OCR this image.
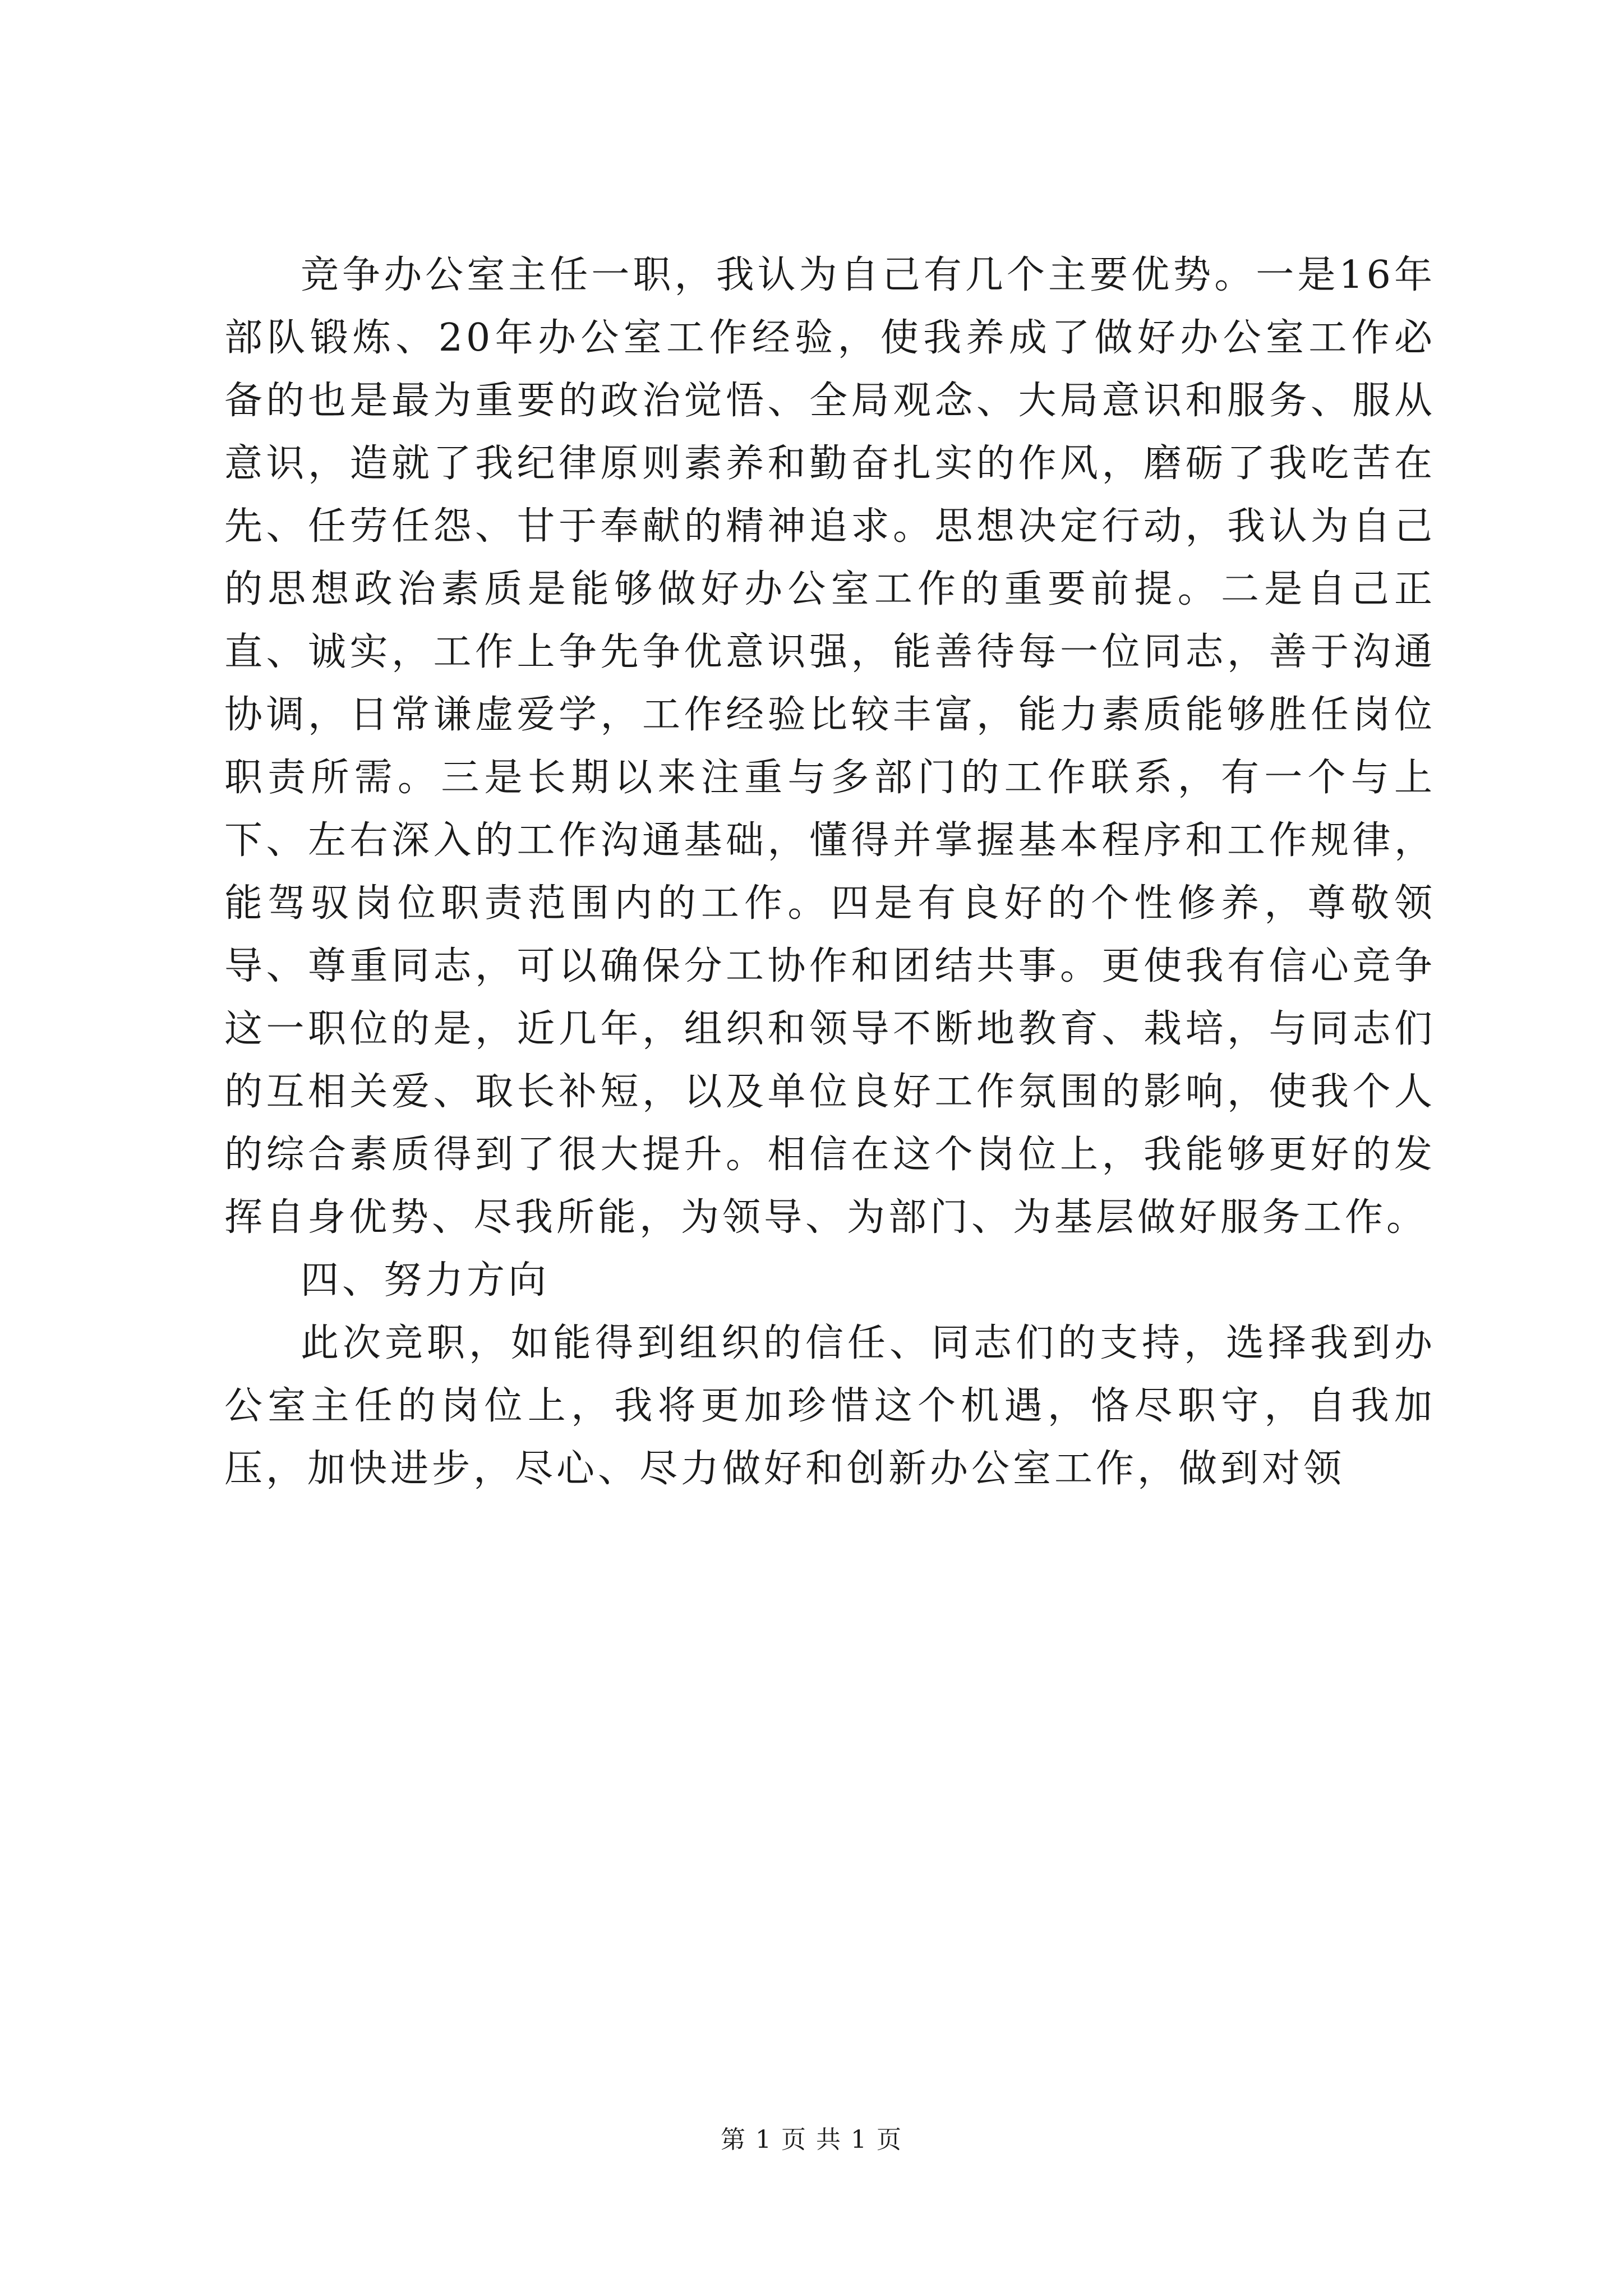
竞争办公室主任一职，我认为自己有几个主要优势。一是16年部队锻炼、20年办公室工作经验，使我养成了做好办公室工作必备的也是最为重要的政治觉悟、全局观念、大局意识和服务、服从意识，造就了我纪律原则素养和勤奋扎实的作风，磨砺了我吃苦在先、任劳任怨、甘于奉献的精神追求。思想决定行动，我认为自己的思想政治素质是能够做好办公室工作的重要前提。二是自己正直、诚实，工作上争先争优意识强，能善待每一位同志，善于沟通协调，日常谦虚爱学，工作经验比较丰富，能力素质能够胜任岗位职责所需。三是长期以来注重与多部门的工作联系，有一个与上下、左右深入的工作沟通基础，懂得并掌握基本程序和工作规律，能驾驭岗位职责范围内的工作。四是有良好的个性修养，尊敬领导、尊重同志，可以确保分工协作和团结共事。更使我有信心竞争这一职位的是，近几年，组织和领导不断地教育、栽培，与同志们的互相关爱、取长补短，以及单位良好工作氛围的影响，使我个人的综合素质得到了很大提升。相信在这个岗位上，我能够更好的发挥自身优势、尽我所能，为领导、为部门、为基层做好服务工作。

四、努力方向

此次竞职，如能得到组织的信任、同志们的支持，选择我到办公室主任的岗位上，我将更加珍惜这个机遇，恪尽职守，自我加压，加快进步，尽心、尽力做好和创新办公室工作，做到对领

第 1 页 共 1 页
